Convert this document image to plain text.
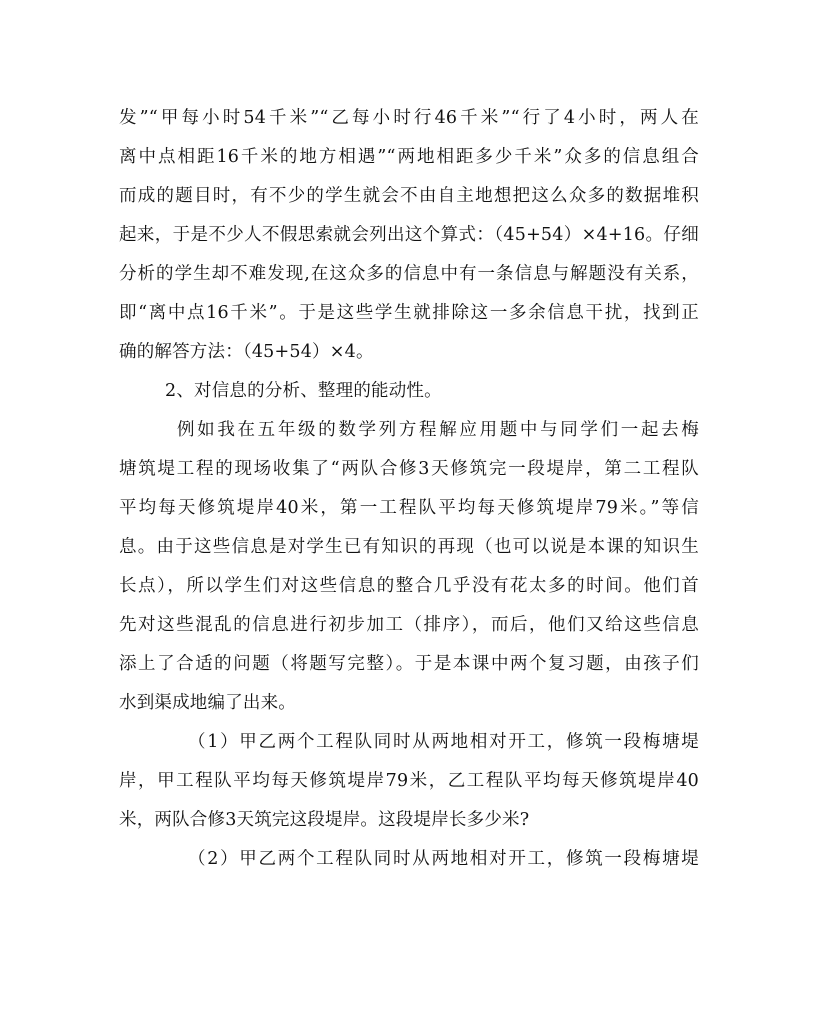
发”“甲每小时54千米”“乙每小时行46千米”“行了4小时，两人在
离中点相距16千米的地方相遇”“两地相距多少千米”众多的信息组合
而成的题目时，有不少的学生就会不由自主地想把这么众多的数据堆积
起来，于是不少人不假思索就会列出这个算式：（45+54）×4+16。仔细
分析的学生却不难发现,在这众多的信息中有一条信息与解题没有关系，
即“离中点16千米”。于是这些学生就排除这一多余信息干扰，找到正
确的解答方法：（45+54）×4。
2、对信息的分析、整理的能动性。
例如我在五年级的数学列方程解应用题中与同学们一起去梅
塘筑堤工程的现场收集了“两队合修3天修筑完一段堤岸，第二工程队
平均每天修筑堤岸40米，第一工程队平均每天修筑堤岸79米。”等信
息。由于这些信息是对学生已有知识的再现（也可以说是本课的知识生
长点），所以学生们对这些信息的整合几乎没有花太多的时间。他们首
先对这些混乱的信息进行初步加工（排序），而后，他们又给这些信息
添上了合适的问题（将题写完整）。于是本课中两个复习题，由孩子们
水到渠成地编了出来。
（1）甲乙两个工程队同时从两地相对开工，修筑一段梅塘堤
岸，甲工程队平均每天修筑堤岸79米，乙工程队平均每天修筑堤岸40
米，两队合修3天筑完这段堤岸。这段堤岸长多少米?
（2）甲乙两个工程队同时从两地相对开工，修筑一段梅塘堤
